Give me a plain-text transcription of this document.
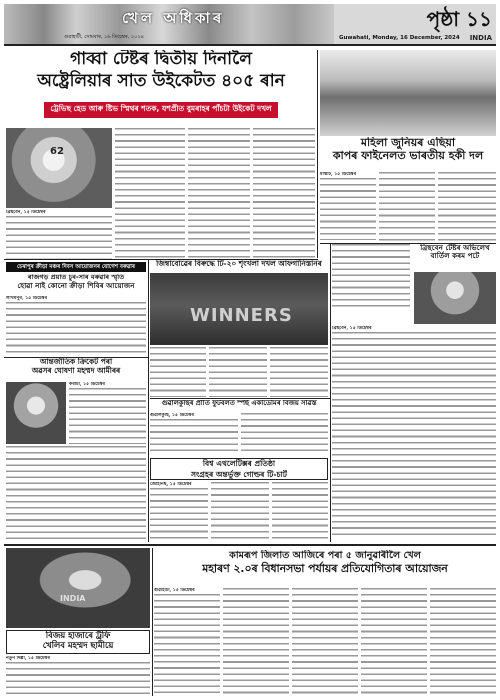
খেল অধিকাৰ
গুৱাহাটী, সোমবাৰ, ১৬ ডিচেম্বৰ, ২০২৪	Guwahati, Monday, 16 December, 2024
পৃষ্ঠা ১১
INDIA
গাব্বা টেষ্টৰ দ্বিতীয় দিনালৈ
অষ্ট্ৰেলিয়াৰ সাত উইকেটত ৪০৫ ৰান
ট্ৰেভিছ হেড আৰু ষ্টিভ স্মিথৰ শতক, যশপ্ৰীত বুমৰাহৰ পাঁচটা উইকেট দখল
62
ব্ৰিছবেন, ১৫ ডিচেম্বৰ
মহিলা জুনিয়ৰ এছিয়া
কাপৰ ফাইনেলত ভাৰতীয় হকী দল
মাস্কাট, ১৫ ডিচেম্বৰ
চেৰাপুৰ ক্ৰীড়া মঞ্চৰ দিবস আয়োজনৰ যোগেশ বৰুৱাৰ
ৰাজগড় প্ৰয়াত চুৰ-সাৰ বৰুৱাৰ স্মৃতি
হোৱা নাই কোনো ক্ৰীড়া শিবিৰ আয়োজন
লখিমপুৰ, ১৫ ডিচেম্বৰ
জিম্বাবোৱেৰ বিৰুদ্ধে টি-২০ শৃংখলা দখল আফগানিস্তানৰ
WINNERS
ব্ৰিছবেন টেষ্টৰ অভিলেখ
বাৰ্তিল কৰম পটে
ব্ৰিছবেন, ১৫ ডিচেম্বৰ
আন্তৰ্জাতিক ক্ৰিকেট পৰা
অৱসৰ ঘোষণা মহম্মদ আমীৰৰ
কৰাচী, ১৫ ডিচেম্বৰ
গুৱালকুছিৰ প্ৰীতি ফুটবলত স্পৰ্ছ একাডেমিৰ বিজয় সাৱস্ত
গুৱালকুছি, ১৫ ডিচেম্বৰ
বিশ্ব এথলেটিক্সৰ প্ৰতিষ্ঠা
সংগ্ৰহৰ অন্তৰ্ভুক্ত গোল্ডৰ টি-চাৰ্ট
জোহানছ, ১৫ ডিচেম্বৰ
কামৰূপ জিলাত আজিৰে পৰা ৫ জানুৱাৰীলৈ খেল
মহাৰণ ২.০ৰ বিধানসভা পৰ্যায়ৰ প্ৰতিযোগিতাৰ আয়োজন
গুৱাহাটী, ১৫ ডিচেম্বৰ
INDIA
বিজয় হাজাৰে ট্ৰফি
খেলিব মহম্মদ ছামীয়ে
নতুন দিল্লী, ১৫ ডিচেম্বৰ
